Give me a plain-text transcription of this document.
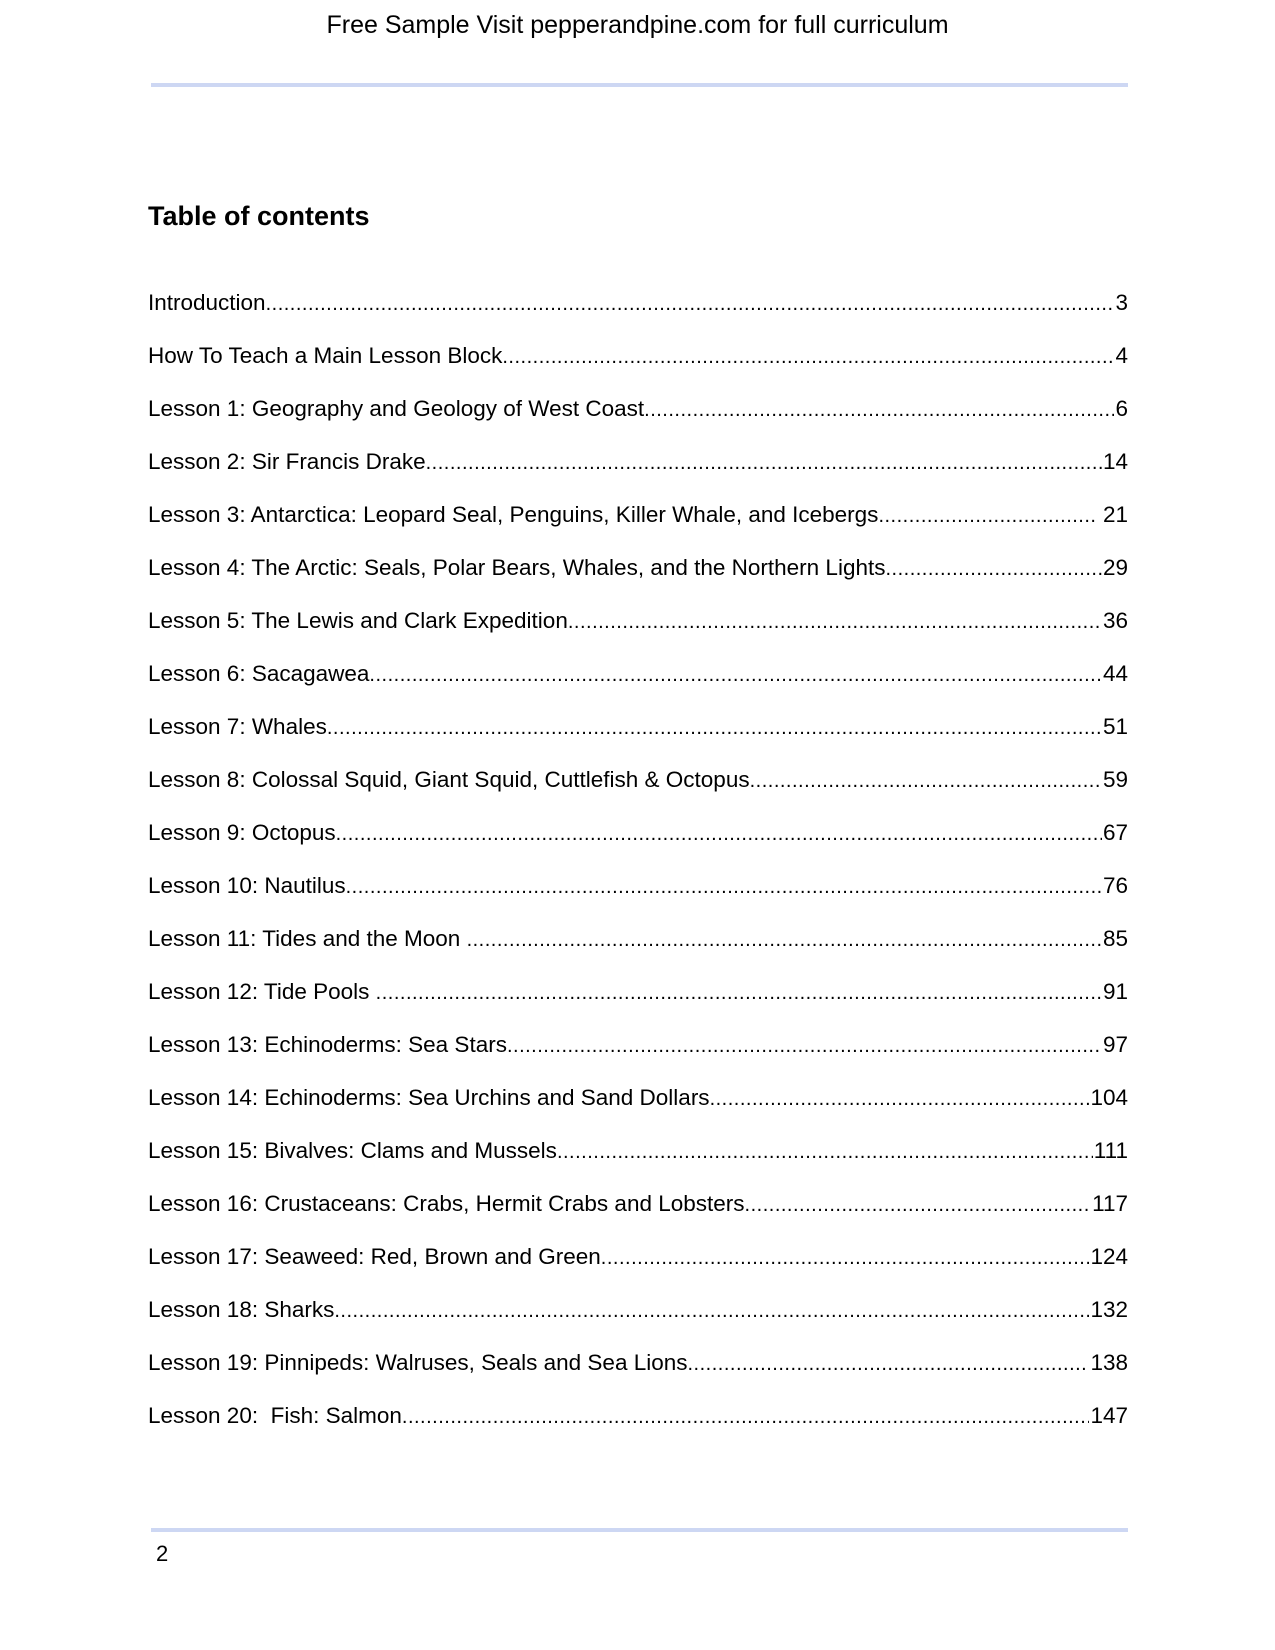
Free Sample Visit pepperandpine.com for full curriculum
Table of contents
Introduction .....	3
How To Teach a Main Lesson Block .....	4
Lesson 1: Geography and Geology of West Coast .....	6
Lesson 2: Sir Francis Drake .....	14
Lesson 3: Antarctica: Leopard Seal, Penguins, Killer Whale, and Icebergs .....	21
Lesson 4: The Arctic: Seals, Polar Bears, Whales, and the Northern Lights .....	29
Lesson 5: The Lewis and Clark Expedition .....	36
Lesson 6: Sacagawea .....	44
Lesson 7: Whales .....	51
Lesson 8: Colossal Squid, Giant Squid, Cuttlefish & Octopus .....	59
Lesson 9: Octopus .....	67
Lesson 10: Nautilus .....	76
Lesson 11: Tides and the Moon .....	85
Lesson 12: Tide Pools .....	91
Lesson 13: Echinoderms: Sea Stars .....	97
Lesson 14: Echinoderms: Sea Urchins and Sand Dollars .....	104
Lesson 15: Bivalves: Clams and Mussels .....	111
Lesson 16: Crustaceans: Crabs, Hermit Crabs and Lobsters .....	117
Lesson 17: Seaweed: Red, Brown and Green .....	124
Lesson 18: Sharks .....	132
Lesson 19: Pinnipeds: Walruses, Seals and Sea Lions .....	138
Lesson 20:  Fish: Salmon .....	147
2
